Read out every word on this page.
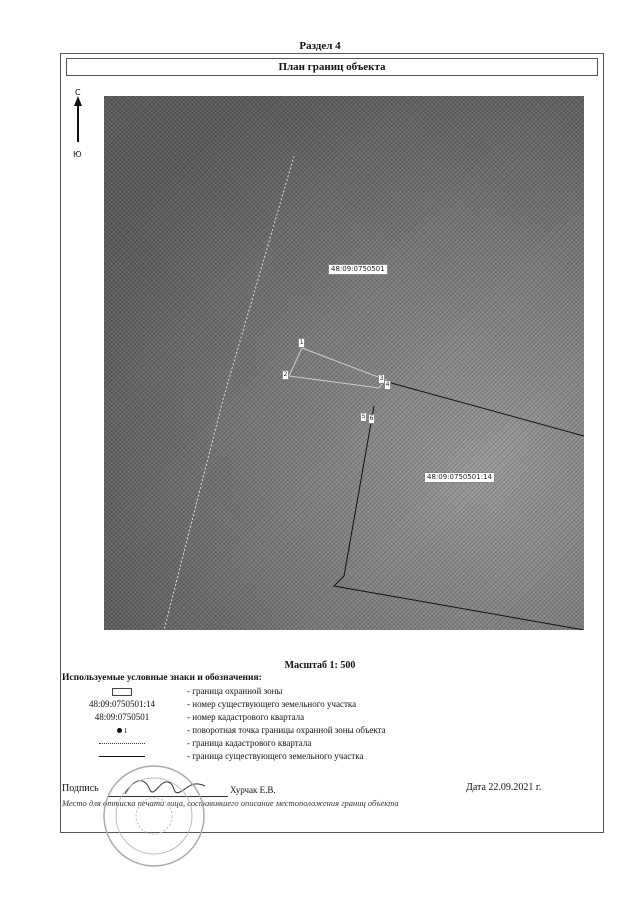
Раздел 4
План границ объекта
С
Ю
48:09:0750501
48:09:0750501:14
1
2
3
4
5 6
Масштаб 1: 500
Используемые условные знаки и обозначения:
- граница охранной зоны
48:09:0750501:14	- номер существующего земельного участка
48:09:0750501	- номер кадастрового квартала
1	- поворотная точка границы охранной зоны объекта
- граница кадастрового квартала
- граница существующего земельного участка
Подпись	Хурчак Е.В.	Дата 22.09.2021 г.
Место для оттиска печати лица, составившего описание местоположения границ объекта
